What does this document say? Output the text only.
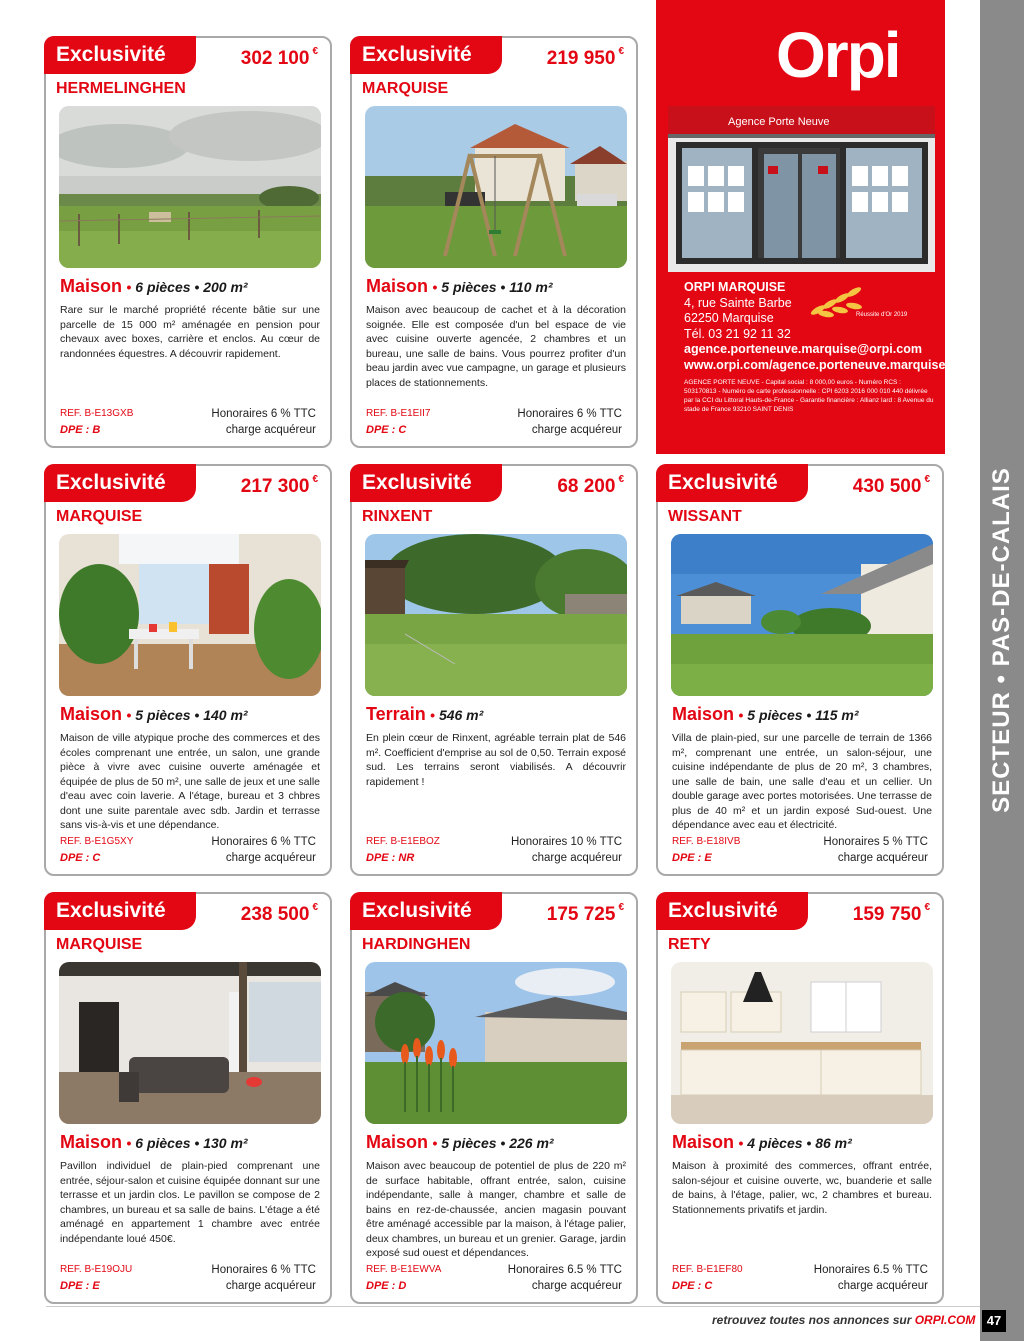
SECTEUR • PAS-DE-CALAIS
Exclusivité	302 100 €
HERMELINGHEN
Maison • 6 pièces • 200 m²
Rare sur le marché propriété récente bâtie sur une parcelle de 15 000 m² aménagée en pension pour chevaux avec boxes, carrière et enclos. Au cœur de randonnées équestres. A découvrir rapidement.
REF. B-E13GXB
DPE : B
Honoraires 6 % TTC
charge acquéreur
Exclusivité	219 950 €
MARQUISE
Maison • 5 pièces • 110 m²
Maison avec beaucoup de cachet et à la décoration soignée. Elle est composée d'un bel espace de vie avec cuisine ouverte agencée, 2 chambres et un bureau, une salle de bains. Vous pourrez profiter d'un beau jardin avec vue campagne, un garage et plusieurs places de stationnements.
REF. B-E1EII7
DPE : C
Honoraires 6 % TTC
charge acquéreur
Orpi
Agence Porte Neuve
Réussite d'Or 2019
ORPI MARQUISE
4, rue Sainte Barbe
62250 Marquise
Tél. 03 21 92 11 32
agence.porteneuve.marquise@orpi.com
www.orpi.com/agence.porteneuve.marquise
AGENCE PORTE NEUVE - Capital social : 8 000,00 euros - Numéro RCS : 503170813 - Numéro de carte professionnelle : CPI 6203 2016 000 010 440 délivrée par la CCI du Littoral Hauts-de-France - Garantie financière : Allianz Iard : 8 Avenue du stade de France 93210 SAINT DENIS
Exclusivité	217 300 €
MARQUISE
Maison • 5 pièces • 140 m²
Maison de ville atypique proche des commerces et des écoles comprenant une entrée, un salon, une grande pièce à vivre avec cuisine ouverte aménagée et équipée de plus de 50 m², une salle de jeux et une salle d'eau avec coin laverie. A l'étage, bureau et 3 chbres dont une suite parentale avec sdb. Jardin et terrasse sans vis-à-vis et une dépendance.
REF. B-E1G5XY
DPE : C
Honoraires 6 % TTC
charge acquéreur
Exclusivité	68 200 €
RINXENT
Terrain • 546 m²
En plein cœur de Rinxent, agréable terrain plat de 546 m². Coefficient d'emprise au sol de 0,50. Terrain exposé sud. Les terrains seront viabilisés. A découvrir rapidement !
REF. B-E1EBOZ
DPE : NR
Honoraires 10 % TTC
charge acquéreur
Exclusivité	430 500 €
WISSANT
Maison • 5 pièces • 115 m²
Villa de plain-pied, sur une parcelle de terrain de 1366 m², comprenant une entrée, un salon-séjour, une cuisine indépendante de plus de 20 m², 3 chambres, une salle de bain, une salle d'eau et un cellier. Un double garage avec portes motorisées. Une terrasse de plus de 40 m² et un jardin exposé Sud-ouest. Une dépendance avec eau et électricité.
REF. B-E18IVB
DPE : E
Honoraires 5 % TTC
charge acquéreur
Exclusivité	238 500 €
MARQUISE
Maison • 6 pièces • 130 m²
Pavillon individuel de plain-pied comprenant une entrée, séjour-salon et cuisine équipée donnant sur une terrasse et un jardin clos. Le pavillon se compose de 2 chambres, un bureau et sa salle de bains. L'étage a été aménagé en appartement 1 chambre avec entrée indépendante loué 450€.
REF. B-E19OJU
DPE : E
Honoraires 6 % TTC
charge acquéreur
Exclusivité	175 725 €
HARDINGHEN
Maison • 5 pièces • 226 m²
Maison avec beaucoup de potentiel de plus de 220 m² de surface habitable, offrant entrée, salon, cuisine indépendante, salle à manger, chambre et salle de bains en rez-de-chaussée, ancien magasin pouvant être aménagé accessible par la maison, à l'étage palier, deux chambres, un bureau et un grenier. Garage, jardin exposé sud ouest et dépendances.
REF. B-E1EWVA
DPE : D
Honoraires 6.5 % TTC
charge acquéreur
Exclusivité	159 750 €
RETY
Maison • 4 pièces • 86 m²
Maison à proximité des commerces, offrant entrée, salon-séjour et cuisine ouverte, wc, buanderie et salle de bains, à l'étage, palier, wc, 2 chambres et bureau. Stationnements privatifs et jardin.
REF. B-E1EF80
DPE : C
Honoraires 6.5 % TTC
charge acquéreur
retrouvez toutes nos annonces sur ORPI.COM 47
